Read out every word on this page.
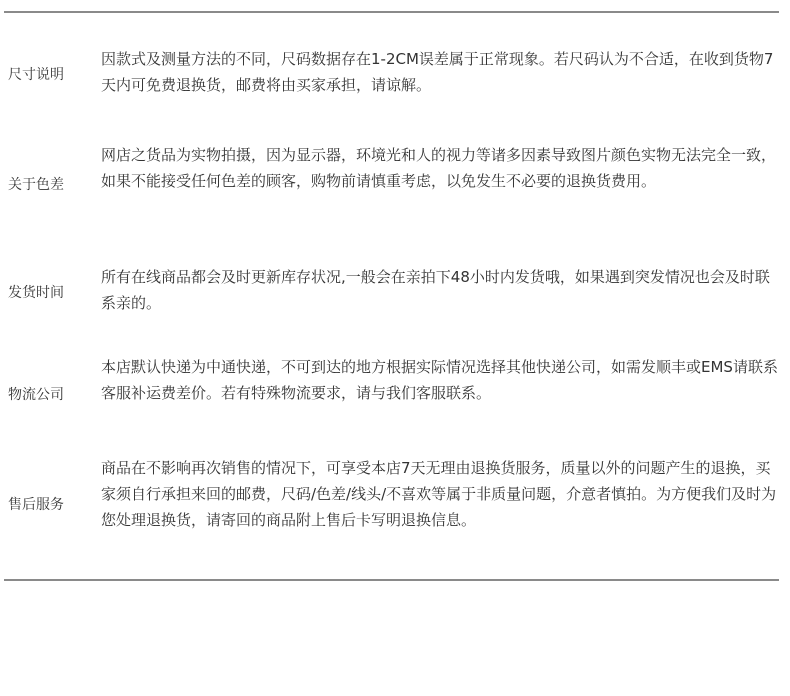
尺寸说明

因款式及测量方法的不同，尺码数据存在1-2CM误差属于正常现象。若尺码认为不合适，在收到货物7天内可免费退换货，邮费将由买家承担，请谅解。

关于色差

网店之货品为实物拍摄，因为显示器，环境光和人的视力等诸多因素导致图片颜色实物无法完全一致，如果不能接受任何色差的顾客，购物前请慎重考虑，以免发生不必要的退换货费用。

发货时间

所有在线商品都会及时更新库存状况,一般会在亲拍下48小时内发货哦，如果遇到突发情况也会及时联系亲的。

物流公司

本店默认快递为中通快递，不可到达的地方根据实际情况选择其他快递公司，如需发顺丰或EMS请联系客服补运费差价。若有特殊物流要求，请与我们客服联系。

售后服务

商品在不影响再次销售的情况下，可享受本店7天无理由退换货服务，质量以外的问题产生的退换，买家须自行承担来回的邮费，尺码/色差/线头/不喜欢等属于非质量问题，介意者慎拍。为方便我们及时为您处理退换货，请寄回的商品附上售后卡写明退换信息。
